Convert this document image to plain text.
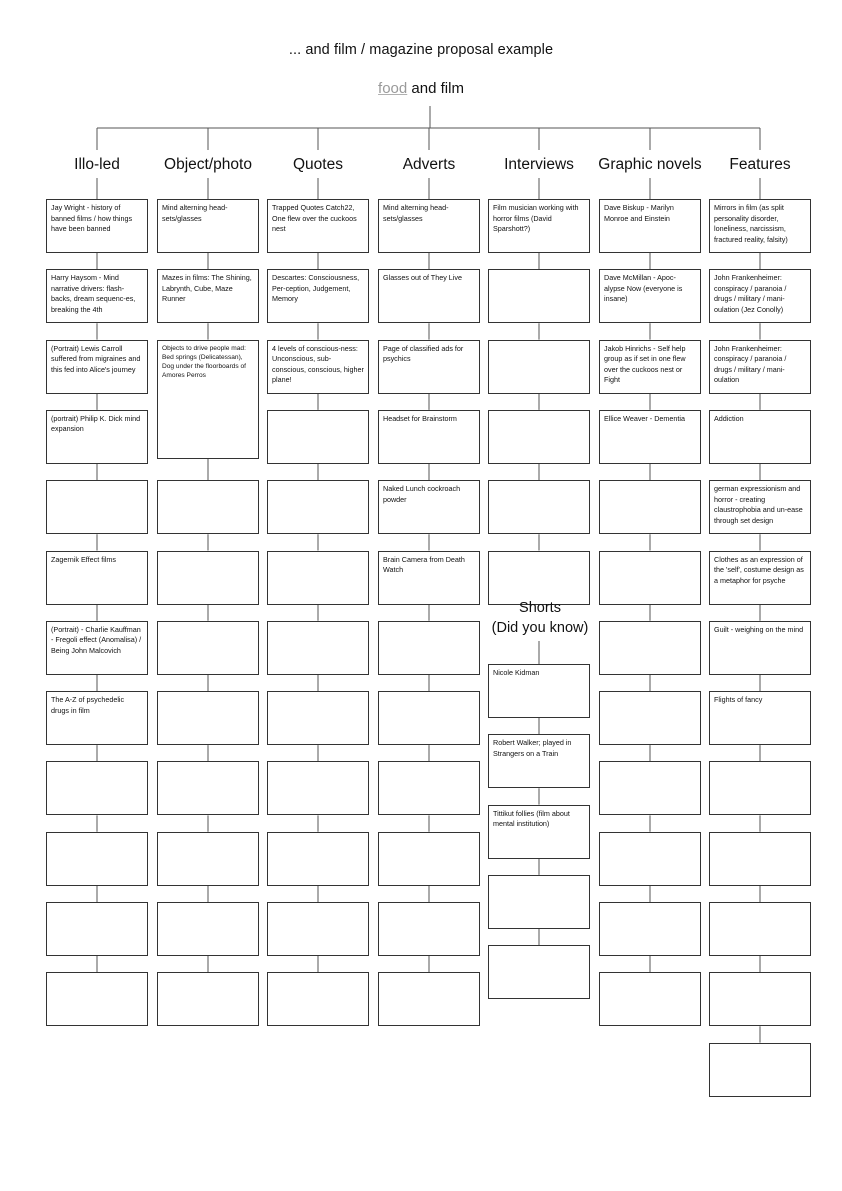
... and film / magazine proposal example
food and film
Illo-led
Jay Wright - history of banned films / how things have been banned
Harry Haysom - Mind narrative drivers: flash-backs, dream sequenc-es, breaking the 4th
(Portrait) Lewis Carroll suffered from migraines and this fed into Alice's journey
(portrait) Philip K. Dick mind expansion
Zagernik Effect films
(Portrait) - Charlie Kauffman - Fregoli effect (Anomalisa) / Being John Malcovich
The A-Z of psychedelic drugs in film
Object/photo
Mind alterning head-sets/glasses
Mazes in films: The Shining, Labrynth, Cube, Maze Runner
Objects to drive people mad: Bed springs (Delicatessan), Dog under the floorboards of Amores Perros
Quotes
Trapped Quotes Catch22, One flew over the cuckoos nest
Descartes: Consciousness, Per-ception, Judgement, Memory
4 levels of conscious-ness: Unconscious, sub-conscious, conscious, higher plane!
Adverts
Mind alterning head-sets/glasses
Glasses out of They Live
Page of classified ads for psychics
Headset for Brainstorm
Naked Lunch cockroach powder
Brain Camera from Death Watch
Interviews
Film musician working with horror films (David Sparshott?)
Shorts
(Did you know)
Nicole Kidman
Robert Walker; played in Strangers on a Train
Tittikut follies (film about mental institution)
Graphic novels
Dave Biskup - Marilyn Monroe and Einstein
Dave McMillan - Apoc-alypse Now (everyone is insane)
Jakob Hinrichs - Self help group as if set in one flew over the cuckoos nest or Fight
Ellice Weaver - Dementia
Features
Mirrors in film (as split personality disorder, loneliness, narcissism, fractured reality, falsity)
John Frankenheimer: conspiracy / paranoia / drugs / military / mani-oulation (Jez Conolly)
John Frankenheimer: conspiracy / paranoia / drugs / military / mani-oulation
Addiction
german expressionism and horror - creating claustrophobia and un-ease through set design
Clothes as an expression of the 'self', costume design as a metaphor for psyche
Guilt - weighing on the mind
Flights of fancy
